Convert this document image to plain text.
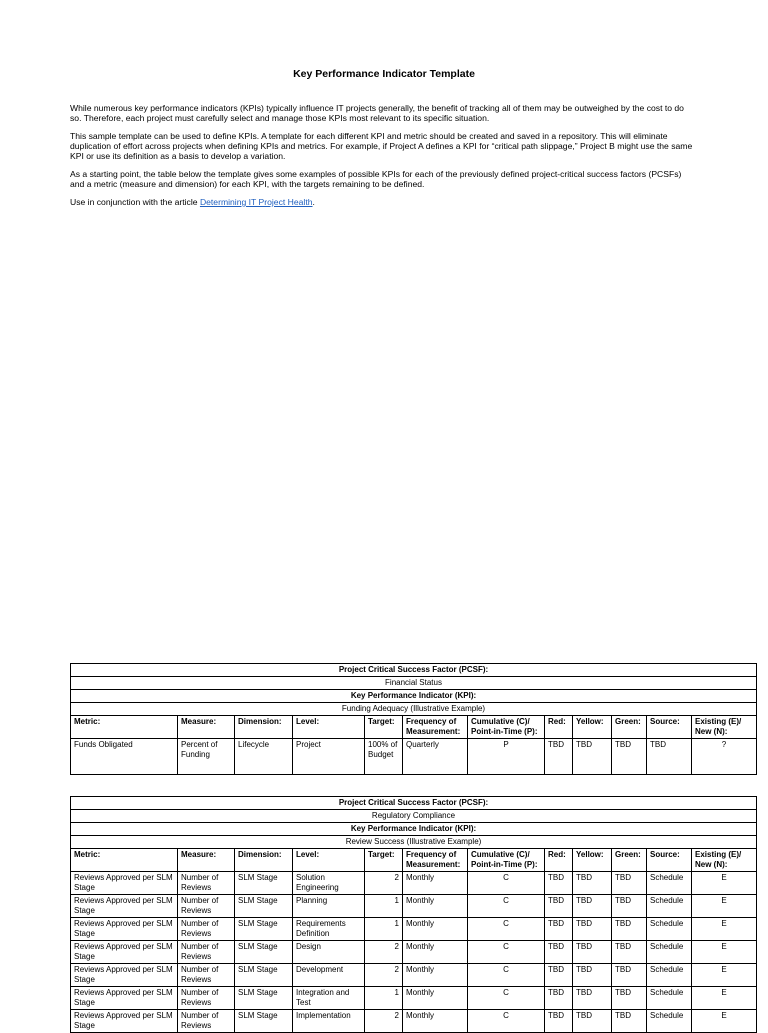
Key Performance Indicator Template

While numerous key performance indicators (KPIs) typically influence IT projects generally, the benefit of tracking all of them may be outweighed by the cost to do so. Therefore, each project must carefully select and manage those KPIs most relevant to its specific situation.

This sample template can be used to define KPIs. A template for each different KPI and metric should be created and saved in a repository. This will eliminate duplication of effort across projects when defining KPIs and metrics. For example, if Project A defines a KPI for “critical path slippage,” Project B might use the same KPI or use its definition as a basis to develop a variation.

As a starting point, the table below the template gives some examples of possible KPIs for each of the previously defined project-critical success factors (PCSFs) and a metric (measure and dimension) for each KPI, with the targets remaining to be defined.

Use in conjunction with the article Determining IT Project Health.

Project Critical Success Factor (PCSF):											
Financial Status											
Key Performance Indicator (KPI):											
Funding Adequacy (Illustrative Example)											
Metric:	Measure:	Dimension:	Level:	Target:	Frequency of Measurement:	Cumulative (C)/ Point-in-Time (P):	Red:	Yellow:	Green:	Source:	Existing (E)/ New (N):
Funds Obligated	Percent of Funding	Lifecycle	Project	100% of Budget	Quarterly	P	TBD	TBD	TBD	TBD	?
Project Critical Success Factor (PCSF):											
Regulatory Compliance											
Key Performance Indicator (KPI):											
Review Success (Illustrative Example)											
Metric:	Measure:	Dimension:	Level:	Target:	Frequency of Measurement:	Cumulative (C)/ Point-in-Time (P):	Red:	Yellow:	Green:	Source:	Existing (E)/ New (N):
Reviews Approved per SLM Stage	Number of Reviews	SLM Stage	Solution Engineering	2	Monthly	C	TBD	TBD	TBD	Schedule	E
Reviews Approved per SLM Stage	Number of Reviews	SLM Stage	Planning	1	Monthly	C	TBD	TBD	TBD	Schedule	E
Reviews Approved per SLM Stage	Number of Reviews	SLM Stage	Requirements Definition	1	Monthly	C	TBD	TBD	TBD	Schedule	E
Reviews Approved per SLM Stage	Number of Reviews	SLM Stage	Design	2	Monthly	C	TBD	TBD	TBD	Schedule	E
Reviews Approved per SLM Stage	Number of Reviews	SLM Stage	Development	2	Monthly	C	TBD	TBD	TBD	Schedule	E
Reviews Approved per SLM Stage	Number of Reviews	SLM Stage	Integration and Test	1	Monthly	C	TBD	TBD	TBD	Schedule	E
Reviews Approved per SLM Stage	Number of Reviews	SLM Stage	Implementation	2	Monthly	C	TBD	TBD	TBD	Schedule	E
